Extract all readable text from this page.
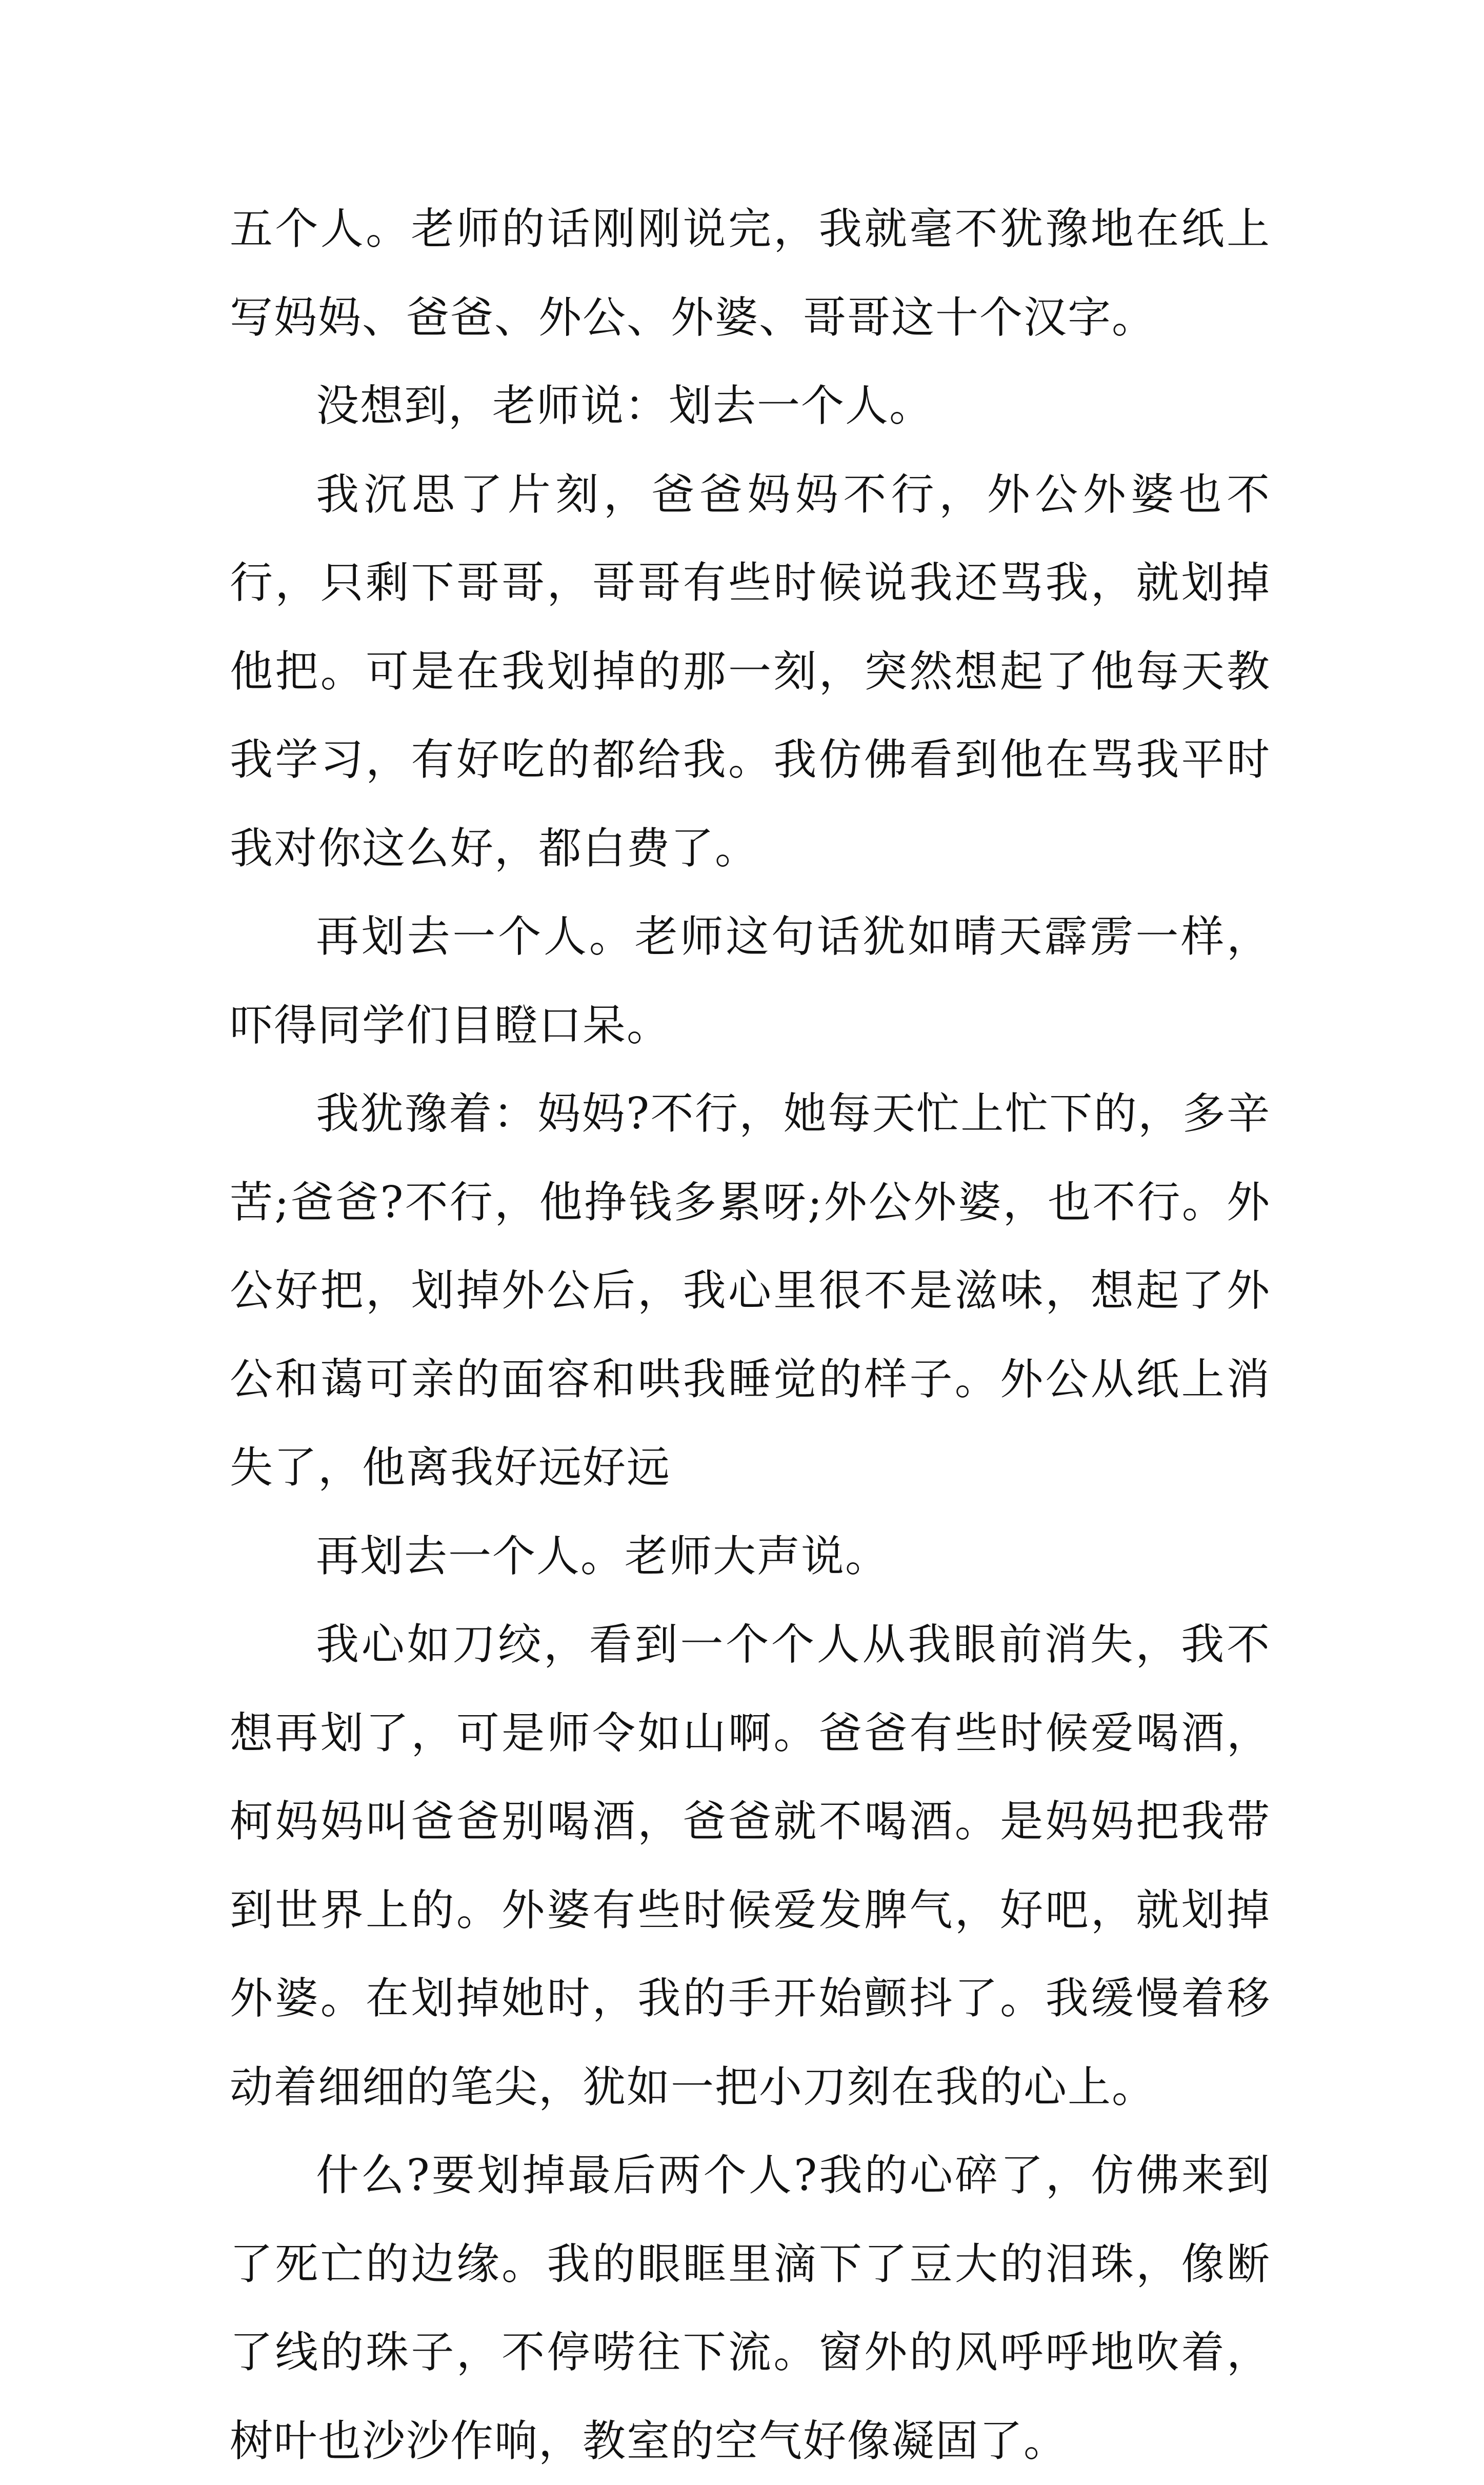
五个人。老师的话刚刚说完，我就毫不犹豫地在纸上写妈妈、爸爸、外公、外婆、哥哥这十个汉字。

没想到，老师说：划去一个人。

我沉思了片刻，爸爸妈妈不行，外公外婆也不行，只剩下哥哥，哥哥有些时候说我还骂我，就划掉他把。可是在我划掉的那一刻，突然想起了他每天教我学习，有好吃的都给我。我仿佛看到他在骂我平时我对你这么好，都白费了。

再划去一个人。老师这句话犹如晴天霹雳一样，吓得同学们目瞪口呆。

我犹豫着：妈妈?不行，她每天忙上忙下的，多辛苦;爸爸?不行，他挣钱多累呀;外公外婆，也不行。外公好把，划掉外公后，我心里很不是滋味，想起了外公和蔼可亲的面容和哄我睡觉的样子。外公从纸上消失了，他离我好远好远

再划去一个人。老师大声说。

我心如刀绞，看到一个个人从我眼前消失，我不想再划了，可是师令如山啊。爸爸有些时候爱喝酒，柯妈妈叫爸爸别喝酒，爸爸就不喝酒。是妈妈把我带到世界上的。外婆有些时候爱发脾气，好吧，就划掉外婆。在划掉她时，我的手开始颤抖了。我缓慢着移动着细细的笔尖，犹如一把小刀刻在我的心上。

什么?要划掉最后两个人?我的心碎了，仿佛来到了死亡的边缘。我的眼眶里滴下了豆大的泪珠，像断了线的珠子，不停唠往下流。窗外的风呼呼地吹着，树叶也沙沙作响，教室的空气好像凝固了。
